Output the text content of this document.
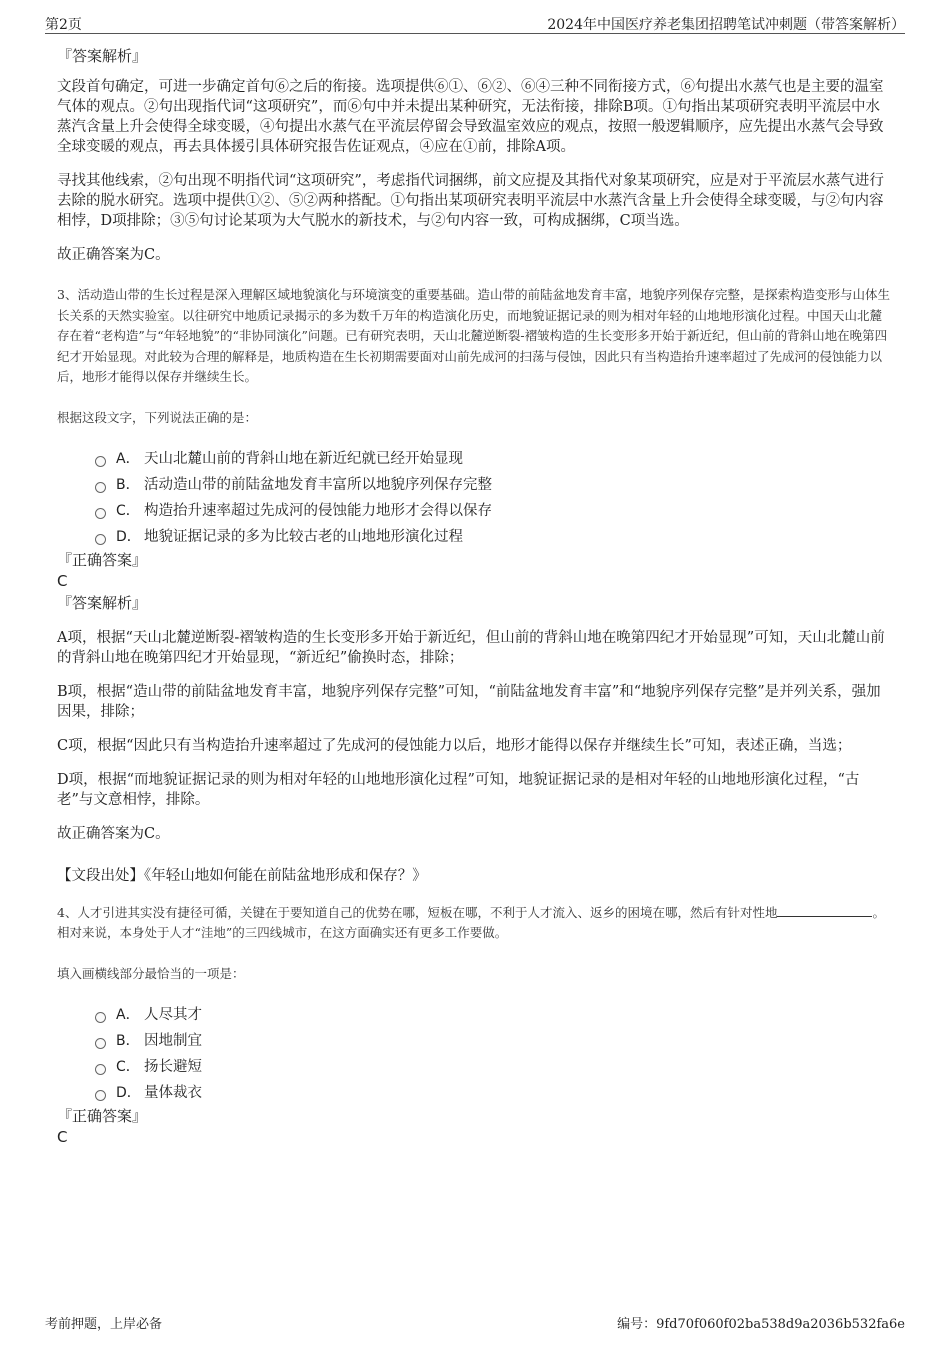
第2页	2024年中国医疗养老集团招聘笔试冲刺题（带答案解析）
『答案解析』
文段首句确定，可进一步确定首句⑥之后的衔接。选项提供⑥①、⑥②、⑥④三种不同衔接方式，⑥句提出水蒸气也是主要的温室气体的观点。②句出现指代词“这项研究”，而⑥句中并未提出某种研究，无法衔接，排除B项。①句指出某项研究表明平流层中水蒸汽含量上升会使得全球变暖，④句提出水蒸气在平流层停留会导致温室效应的观点，按照一般逻辑顺序，应先提出水蒸气会导致全球变暖的观点，再去具体援引具体研究报告佐证观点，④应在①前，排除A项。
寻找其他线索，②句出现不明指代词“这项研究”，考虑指代词捆绑，前文应提及其指代对象某项研究，应是对于平流层水蒸气进行去除的脱水研究。选项中提供①②、⑤②两种搭配。①句指出某项研究表明平流层中水蒸汽含量上升会使得全球变暖，与②句内容相悖，D项排除；③⑤句讨论某项为大气脱水的新技术，与②句内容一致，可构成捆绑，C项当选。
故正确答案为C。
3、活动造山带的生长过程是深入理解区域地貌演化与环境演变的重要基础。造山带的前陆盆地发育丰富，地貌序列保存完整，是探索构造变形与山体生长关系的天然实验室。以往研究中地质记录揭示的多为数千万年的构造演化历史，而地貌证据记录的则为相对年轻的山地地形演化过程。中国天山北麓存在着“老构造”与“年轻地貌”的“非协同演化”问题。已有研究表明，天山北麓逆断裂-褶皱构造的生长变形多开始于新近纪，但山前的背斜山地在晚第四纪才开始显现。对此较为合理的解释是，地质构造在生长初期需要面对山前先成河的扫荡与侵蚀，因此只有当构造抬升速率超过了先成河的侵蚀能力以后，地形才能得以保存并继续生长。
根据这段文字，下列说法正确的是：
A． 天山北麓山前的背斜山地在新近纪就已经开始显现
B． 活动造山带的前陆盆地发育丰富所以地貌序列保存完整
C． 构造抬升速率超过先成河的侵蚀能力地形才会得以保存
D． 地貌证据记录的多为比较古老的山地地形演化过程
『正确答案』
C
『答案解析』
A项，根据“天山北麓逆断裂-褶皱构造的生长变形多开始于新近纪，但山前的背斜山地在晚第四纪才开始显现”可知，天山北麓山前的背斜山地在晚第四纪才开始显现，“新近纪”偷换时态，排除；
B项，根据“造山带的前陆盆地发育丰富，地貌序列保存完整”可知，“前陆盆地发育丰富”和“地貌序列保存完整”是并列关系，强加因果，排除；
C项，根据“因此只有当构造抬升速率超过了先成河的侵蚀能力以后，地形才能得以保存并继续生长”可知，表述正确，当选；
D项，根据“而地貌证据记录的则为相对年轻的山地地形演化过程”可知，地貌证据记录的是相对年轻的山地地形演化过程，“古老”与文意相悖，排除。
故正确答案为C。
【文段出处】《年轻山地如何能在前陆盆地形成和保存？》
4、人才引进其实没有捷径可循，关键在于要知道自己的优势在哪，短板在哪，不利于人才流入、返乡的困境在哪，然后有针对性地	。相对来说，本身处于人才“洼地”的三四线城市，在这方面确实还有更多工作要做。
填入画横线部分最恰当的一项是：
A． 人尽其才
B． 因地制宜
C． 扬长避短
D． 量体裁衣
『正确答案』
C
考前押题，上岸必备	编号：9fd70f060f02ba538d9a2036b532fa6e
